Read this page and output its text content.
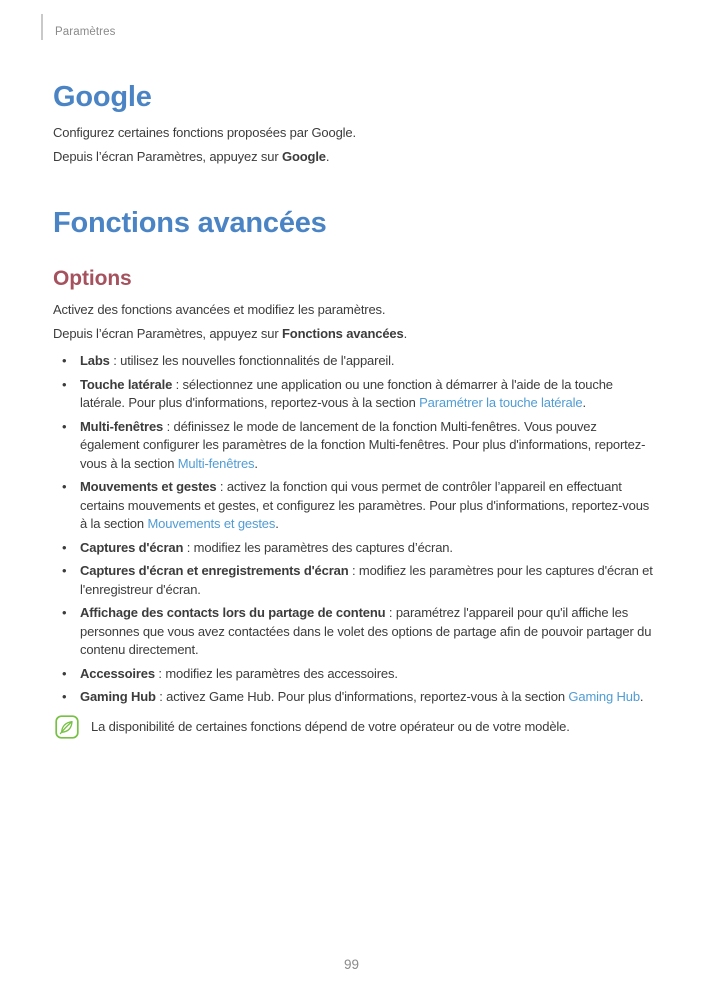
Paramètres
Google

Configurez certaines fonctions proposées par Google.

Depuis l’écran Paramètres, appuyez sur Google.

Fonctions avancées
Options

Activez des fonctions avancées et modifiez les paramètres.

Depuis l’écran Paramètres, appuyez sur Fonctions avancées.

• Labs : utilisez les nouvelles fonctionnalités de l'appareil.
• Touche latérale : sélectionnez une application ou une fonction à démarrer à l'aide de la touche latérale. Pour plus d'informations, reportez-vous à la section Paramétrer la touche latérale.
• Multi-fenêtres : définissez le mode de lancement de la fonction Multi-fenêtres. Vous pouvez également configurer les paramètres de la fonction Multi-fenêtres. Pour plus d'informations, reportez-vous à la section Multi-fenêtres.
• Mouvements et gestes : activez la fonction qui vous permet de contrôler l’appareil en effectuant certains mouvements et gestes, et configurez les paramètres. Pour plus d'informations, reportez-vous à la section Mouvements et gestes.
• Captures d'écran : modifiez les paramètres des captures d’écran.
• Captures d'écran et enregistrements d'écran : modifiez les paramètres pour les captures d'écran et l'enregistreur d'écran.
• Affichage des contacts lors du partage de contenu : paramétrez l'appareil pour qu'il affiche les personnes que vous avez contactées dans le volet des options de partage afin de pouvoir partager du contenu directement.
• Accessoires : modifiez les paramètres des accessoires.
• Gaming Hub : activez Game Hub. Pour plus d'informations, reportez-vous à la section Gaming Hub.
La disponibilité de certaines fonctions dépend de votre opérateur ou de votre modèle.
99
